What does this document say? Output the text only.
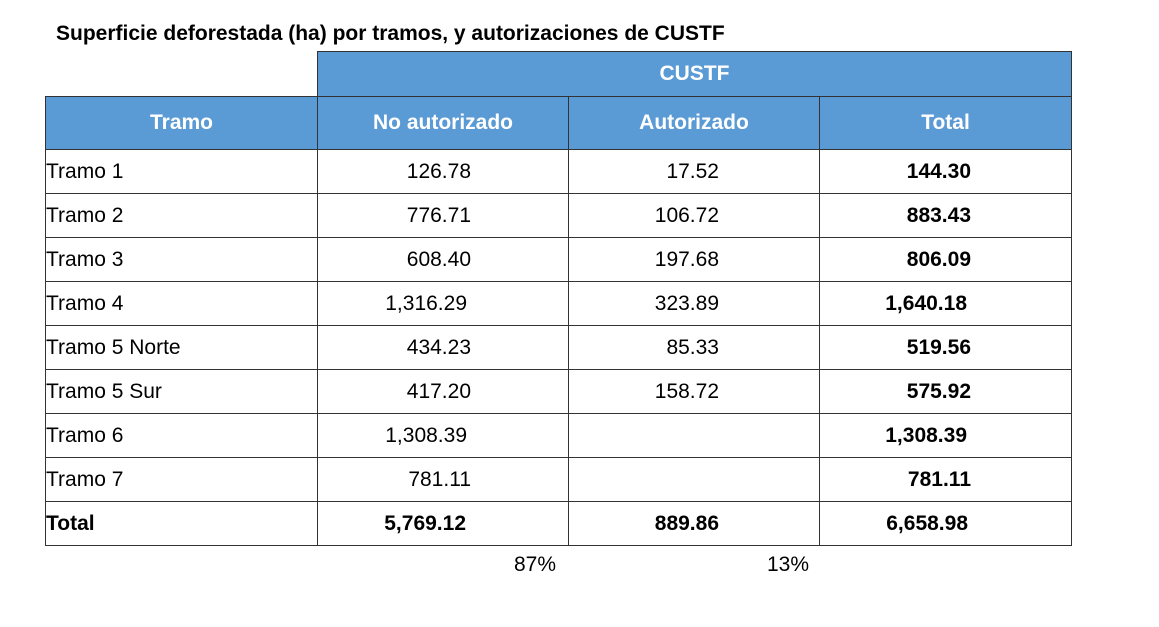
Superficie deforestada (ha) por tramos, y autorizaciones de CUSTF
	CUSTF		
Tramo	No autorizado	Autorizado	Total
Tramo 1	126.78	17.52	144.30
Tramo 2	776.71	106.72	883.43
Tramo 3	608.40	197.68	806.09
Tramo 4	1,316.29	323.89	1,640.18
Tramo 5 Norte	434.23	85.33	519.56
Tramo 5 Sur	417.20	158.72	575.92
Tramo 6	1,308.39		1,308.39
Tramo 7	781.11		781.11
Total	5,769.12	889.86	6,658.98
87%	13%
